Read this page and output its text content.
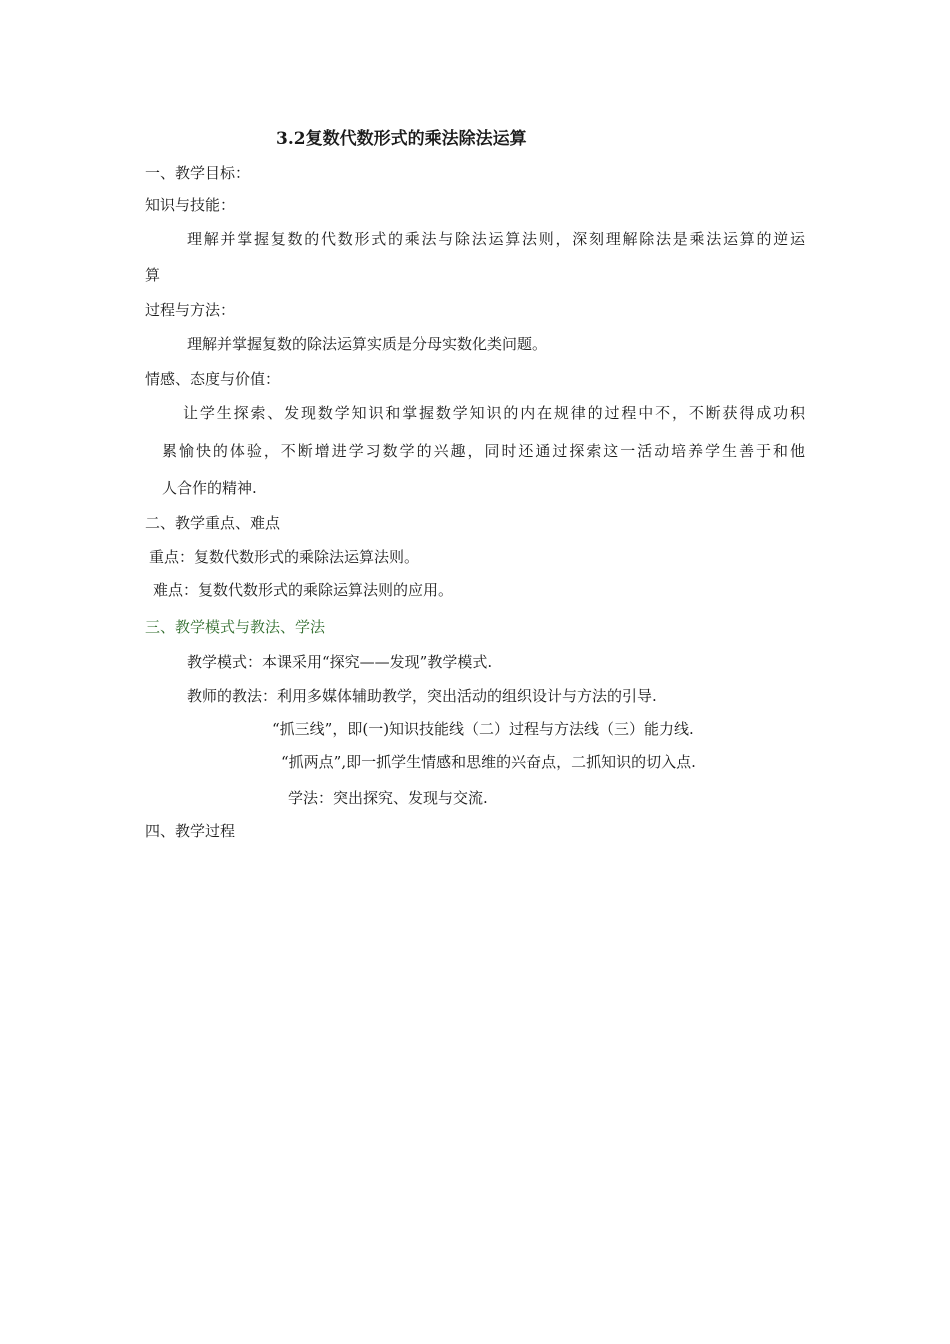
3.2复数代数形式的乘法除法运算
一、教学目标：
知识与技能：
理解并掌握复数的代数形式的乘法与除法运算法则，深刻理解除法是乘法运算的逆运
算
过程与方法：
理解并掌握复数的除法运算实质是分母实数化类问题。
情感、态度与价值：
让学生探索、发现数学知识和掌握数学知识的内在规律的过程中不，不断获得成功积
累愉快的体验，不断增进学习数学的兴趣，同时还通过探索这一活动培养学生善于和他
人合作的精神.
二、教学重点、难点
重点：复数代数形式的乘除法运算法则。
难点：复数代数形式的乘除运算法则的应用。
三、教学模式与教法、学法
教学模式：本课采用“探究——发现”教学模式.
教师的教法：利用多媒体辅助教学，突出活动的组织设计与方法的引导.
“抓三线”，即(一)知识技能线（二）过程与方法线（三）能力线.
“抓两点”,即一抓学生情感和思维的兴奋点，二抓知识的切入点.
学法：突出探究、发现与交流.
四、教学过程
